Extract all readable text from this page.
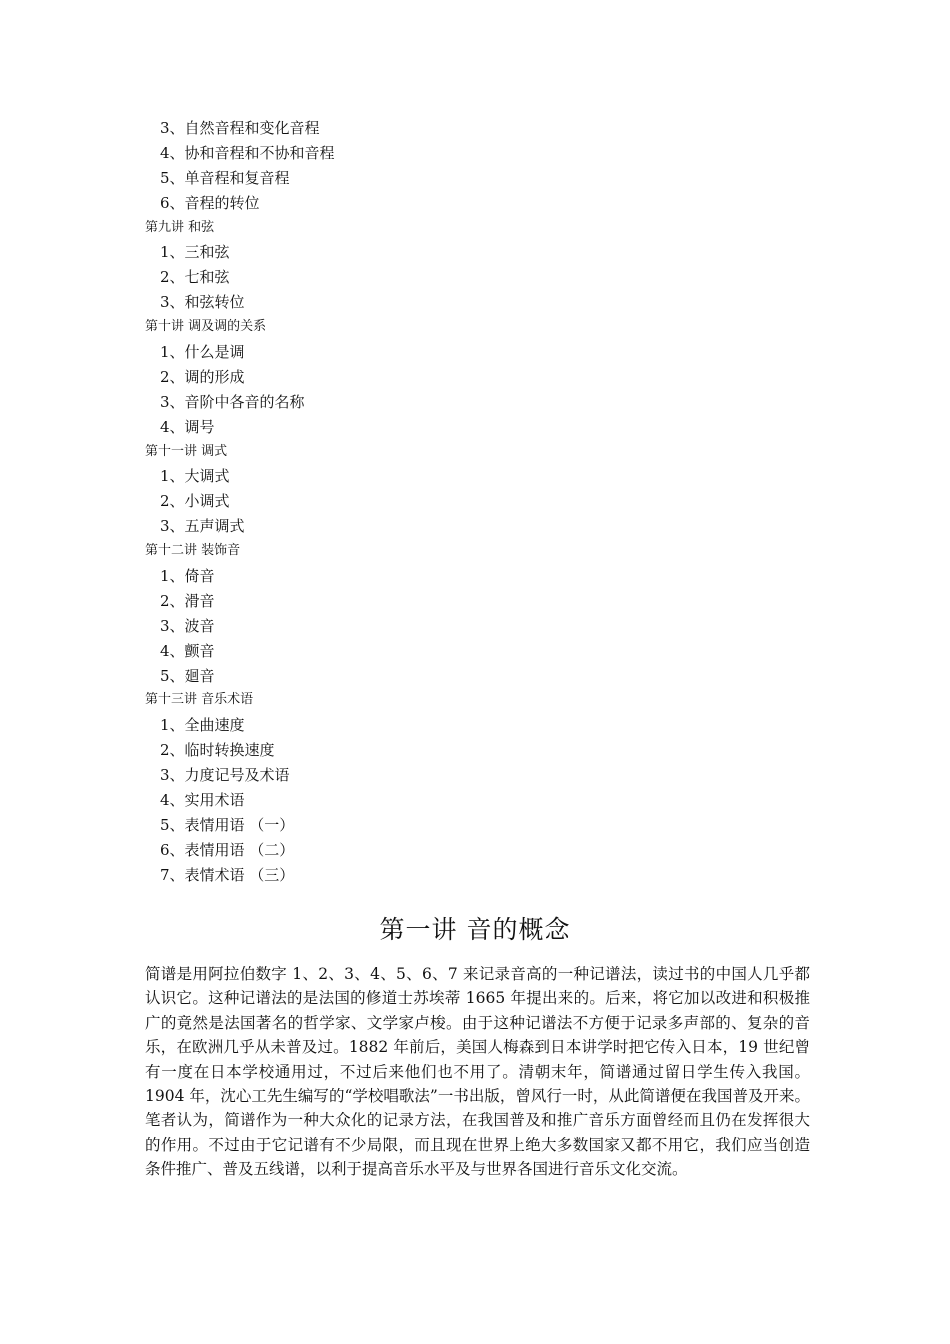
3、自然音程和变化音程
4、协和音程和不协和音程
5、单音程和复音程
6、音程的转位
第九讲 和弦
1、三和弦
2、七和弦
3、和弦转位
第十讲 调及调的关系
1、什么是调
2、调的形成
3、音阶中各音的名称
4、调号
第十一讲 调式
1、大调式
2、小调式
3、五声调式
第十二讲 装饰音
1、倚音
2、滑音
3、波音
4、颤音
5、廻音
第十三讲 音乐术语
1、全曲速度
2、临时转换速度
3、力度记号及术语
4、实用术语
5、表情用语 （一）
6、表情用语 （二）
7、表情术语 （三）
第一讲 音的概念

简谱是用阿拉伯数字 1、2、3、4、5、6、7 来记录音高的一种记谱法，读过书的中国人几乎都认识它。这种记谱法的是法国的修道士苏埃蒂 1665 年提出来的。后来，将它加以改进和积极推广的竟然是法国著名的哲学家、文学家卢梭。由于这种记谱法不方便于记录多声部的、复杂的音乐，在欧洲几乎从未普及过。1882 年前后，美国人梅森到日本讲学时把它传入日本，19 世纪曾有一度在日本学校通用过，不过后来他们也不用了。清朝末年，简谱通过留日学生传入我国。1904 年，沈心工先生编写的“学校唱歌法”一书出版，曾风行一时，从此简谱便在我国普及开来。笔者认为，简谱作为一种大众化的记录方法，在我国普及和推广音乐方面曾经而且仍在发挥很大的作用。不过由于它记谱有不少局限，而且现在世界上绝大多数国家又都不用它，我们应当创造条件推广、普及五线谱，以利于提高音乐水平及与世界各国进行音乐文化交流。
